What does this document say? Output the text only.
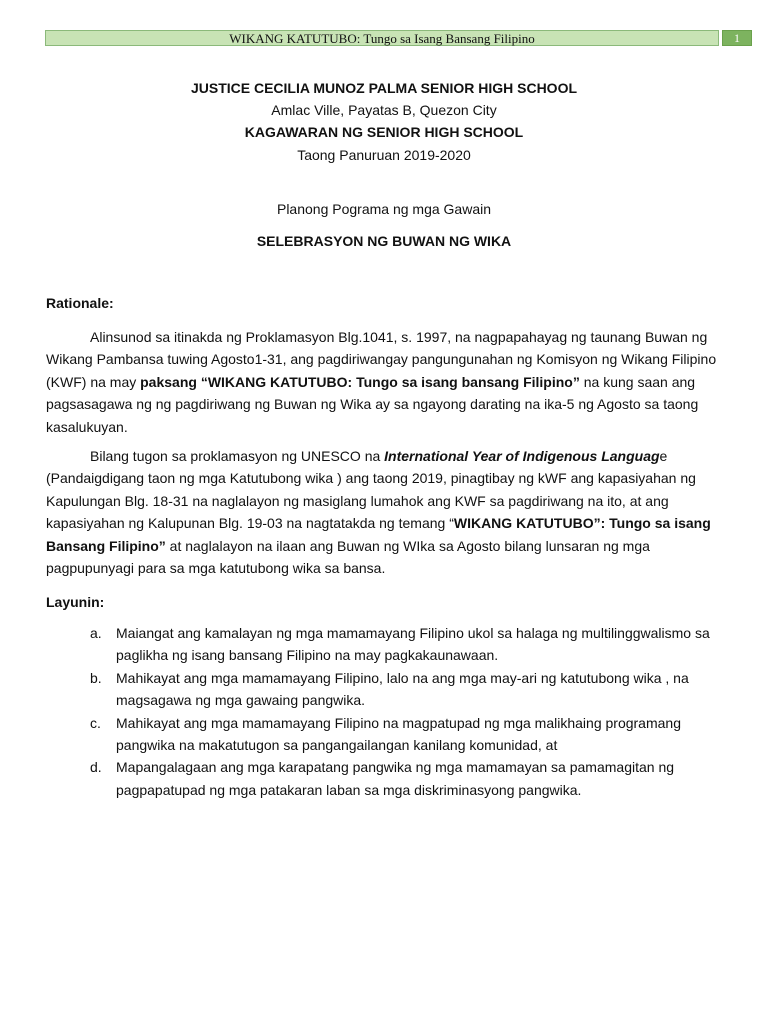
WIKANG KATUTUBO: Tungo sa Isang Bansang Filipino	1
JUSTICE CECILIA MUNOZ PALMA SENIOR HIGH SCHOOL
Amlac Ville, Payatas B, Quezon City
KAGAWARAN NG SENIOR HIGH SCHOOL
Taong Panuruan 2019-2020
Planong Pograma ng mga Gawain
SELEBRASYON NG BUWAN NG WIKA
Rationale:

Alinsunod sa itinakda ng Proklamasyon Blg.1041, s. 1997, na nagpapahayag ng taunang Buwan ng Wikang Pambansa tuwing Agosto1-31, ang pagdiriwangay pangungunahan ng Komisyon ng Wikang Filipino (KWF) na may paksang “WIKANG KATUTUBO: Tungo sa isang bansang Filipino” na kung saan ang pagsasagawa ng ng pagdiriwang ng Buwan ng Wika ay sa ngayong darating na ika-5 ng Agosto sa taong kasalukuyan.

Bilang tugon sa proklamasyon ng UNESCO na International Year of Indigenous Language (Pandaigdigang taon ng mga Katutubong wika ) ang taong 2019, pinagtibay ng kWF ang kapasiyahan ng Kapulungan Blg. 18-31 na naglalayon ng masiglang lumahok ang KWF sa pagdiriwang na ito, at ang kapasiyahan ng Kalupunan Blg. 19-03 na nagtatakda ng temang “WIKANG KATUTUBO”: Tungo sa isang Bansang Filipino” at naglalayon na ilaan ang Buwan ng WIka sa Agosto bilang lunsaran ng mga pagpupunyagi para sa mga katutubong wika sa bansa.

Layunin:
a.	Maiangat ang kamalayan ng mga mamamayang Filipino ukol sa halaga ng multilinggwalismo sa paglikha ng isang bansang Filipino na may pagkakaunawaan.
b.	Mahikayat ang mga mamamayang Filipino, lalo na ang mga may-ari ng katutubong wika , na magsagawa ng mga gawaing pangwika.
c.	Mahikayat ang mga mamamayang Filipino na magpatupad ng mga malikhaing programang pangwika na makatutugon sa pangangailangan kanilang komunidad, at
d.	Mapangalagaan ang mga karapatang pangwika ng mga mamamayan sa pamamagitan ng pagpapatupad ng mga patakaran laban sa mga diskriminasyong pangwika.
